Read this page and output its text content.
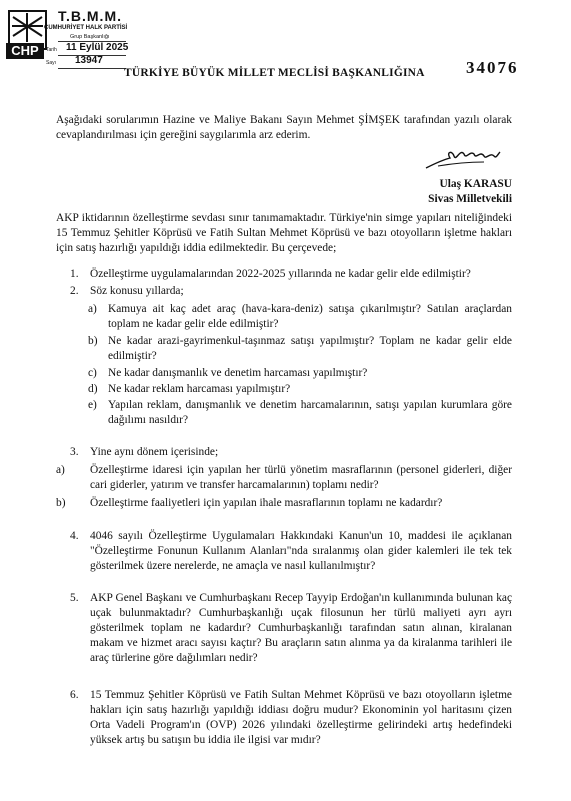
CHP
T.B.M.M.
CUMHURİYET HALK PARTİSİ
Grup Başkanlığı
Tarih 11 Eylül 2025
Sayı 13947
TÜRKİYE BÜYÜK MİLLET MECLİSİ BAŞKANLIĞINA 34076
Aşağıdaki sorularımın Hazine ve Maliye Bakanı Sayın Mehmet ŞİMŞEK tarafından yazılı olarak cevaplandırılması için gereğini saygılarımla arz ederim.
Ulaş KARASU
Sivas Milletvekili
AKP iktidarının özelleştirme sevdası sınır tanımamaktadır. Türkiye'nin simge yapıları niteliğindeki 15 Temmuz Şehitler Köprüsü ve Fatih Sultan Mehmet Köprüsü ve bazı otoyolların işletme hakları için satış hazırlığı yapıldığı iddia edilmektedir. Bu çerçevede;
1. Özelleştirme uygulamalarından 2022-2025 yıllarında ne kadar gelir elde edilmiştir?
2. Söz konusu yıllarda;
a) Kamuya ait kaç adet araç (hava-kara-deniz) satışa çıkarılmıştır? Satılan araçlardan toplam ne kadar gelir elde edilmiştir?
b) Ne kadar arazi-gayrimenkul-taşınmaz satışı yapılmıştır? Toplam ne kadar gelir elde edilmiştir?
c) Ne kadar danışmanlık ve denetim harcaması yapılmıştır?
d) Ne kadar reklam harcaması yapılmıştır?
e) Yapılan reklam, danışmanlık ve denetim harcamalarının, satışı yapılan kurumlara göre dağılımı nasıldır?
3. Yine aynı dönem içerisinde;
a) Özelleştirme idaresi için yapılan her türlü yönetim masraflarının (personel giderleri, diğer cari giderler, yatırım ve transfer harcamalarının) toplamı nedir?
b) Özelleştirme faaliyetleri için yapılan ihale masraflarının toplamı ne kadardır?
4. 4046 sayılı Özelleştirme Uygulamaları Hakkındaki Kanun'un 10, maddesi ile açıklanan "Özelleştirme Fonunun Kullanım Alanları"nda sıralanmış olan gider kalemleri ile tek tek gösterilmek üzere nerelerde, ne amaçla ve nasıl kullanılmıştır?
5. AKP Genel Başkanı ve Cumhurbaşkanı Recep Tayyip Erdoğan'ın kullanımında bulunan kaç uçak bulunmaktadır? Cumhurbaşkanlığı uçak filosunun her türlü maliyeti ayrı ayrı gösterilmek toplam ne kadardır? Cumhurbaşkanlığı tarafından satın alınan, kiralanan makam ve hizmet aracı sayısı kaçtır? Bu araçların satın alınma ya da kiralanma tarihleri ile araç türlerine göre dağılımları nedir?
6. 15 Temmuz Şehitler Köprüsü ve Fatih Sultan Mehmet Köprüsü ve bazı otoyolların işletme hakları için satış hazırlığı yapıldığı iddiası doğru mudur? Ekonominin yol haritasını çizen Orta Vadeli Program'ın (OVP) 2026 yılındaki özelleştirme gelirindeki artış hedefindeki yüksek artış bu satışın bu iddia ile ilgisi var mıdır?
